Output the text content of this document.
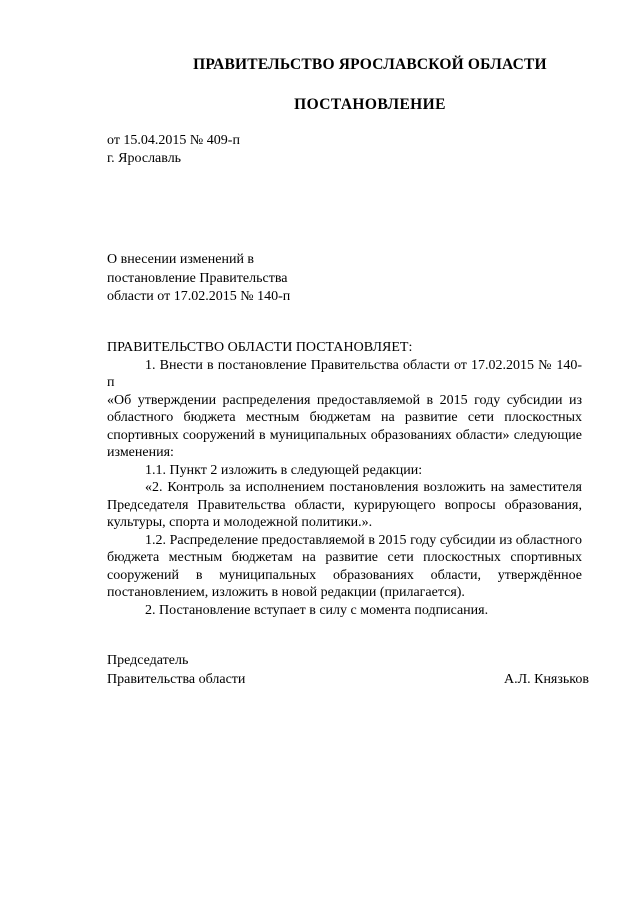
ПРАВИТЕЛЬСТВО ЯРОСЛАВСКОЙ ОБЛАСТИ
ПОСТАНОВЛЕНИЕ
от 15.04.2015 № 409-п
г. Ярославль
О внесении изменений в
постановление Правительства
области от 17.02.2015 № 140-п

ПРАВИТЕЛЬСТВО ОБЛАСТИ ПОСТАНОВЛЯЕТ:

1. Внести в постановление Правительства области от 17.02.2015 № 140-п

«Об утверждении распределения предоставляемой в 2015 году субсидии из областного бюджета местным бюджетам на развитие сети плоскостных спортивных сооружений в муниципальных образованиях области» следующие изменения:

1.1. Пункт 2 изложить в следующей редакции:

«2. Контроль за исполнением постановления возложить на заместителя Председателя Правительства области, курирующего вопросы образования, культуры, спорта и молодежной политики.».

1.2. Распределение предоставляемой в 2015 году субсидии из областного бюджета местным бюджетам на развитие сети плоскостных спортивных сооружений в муниципальных образованиях области, утверждённое постановлением, изложить в новой редакции (прилагается).

2. Постановление вступает в силу с момента подписания.

Председатель
Правительства области	А.Л. Князьков
